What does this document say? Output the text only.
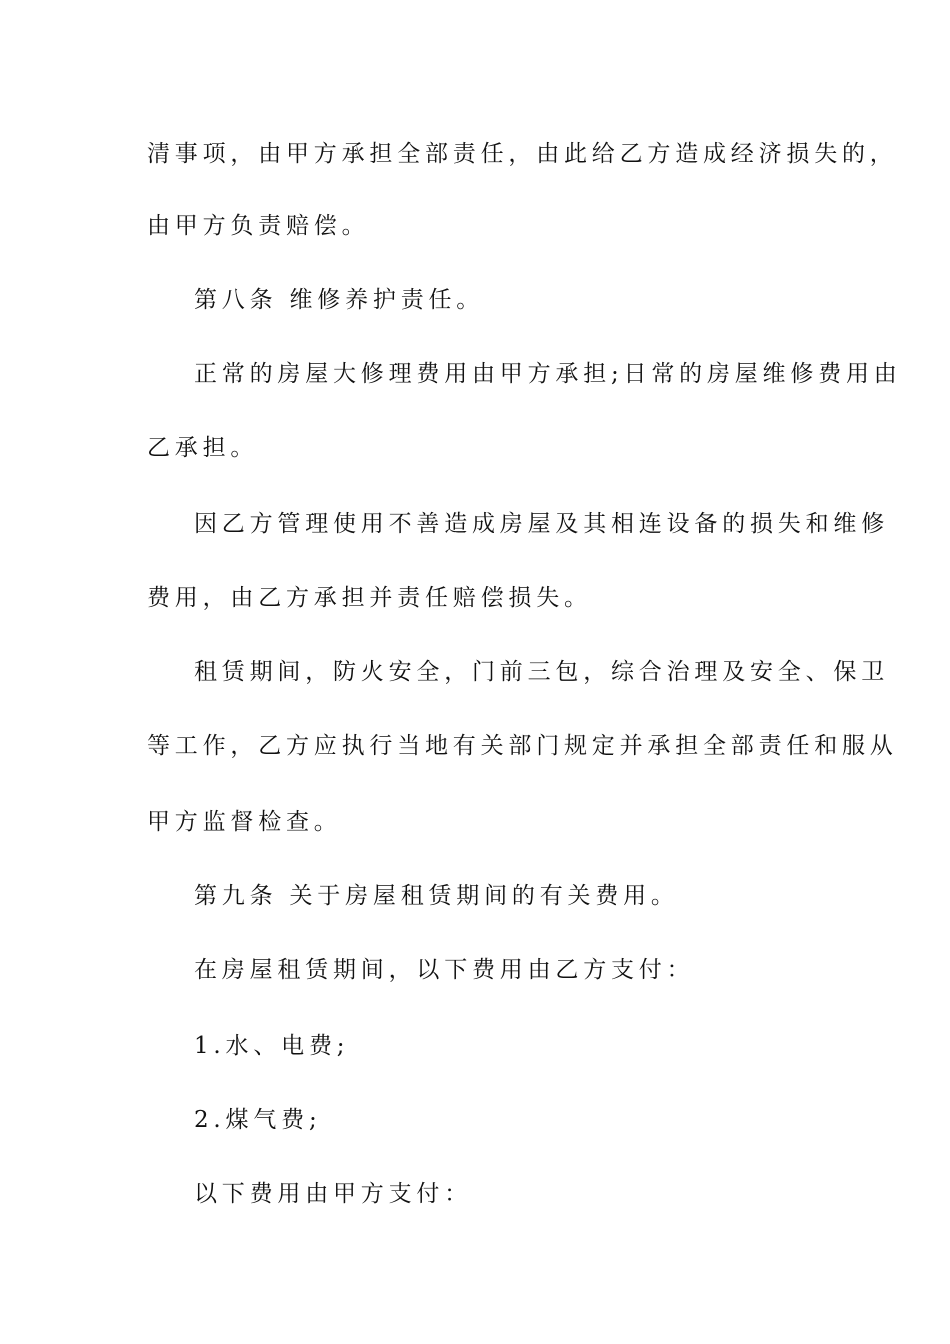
清事项，由甲方承担全部责任，由此给乙方造成经济损失的，
由甲方负责赔偿。
第八条 维修养护责任。
正常的房屋大修理费用由甲方承担;日常的房屋维修费用由
乙承担。
因乙方管理使用不善造成房屋及其相连设备的损失和维修
费用，由乙方承担并责任赔偿损失。
租赁期间，防火安全，门前三包，综合治理及安全、保卫
等工作，乙方应执行当地有关部门规定并承担全部责任和服从
甲方监督检查。
第九条 关于房屋租赁期间的有关费用。
在房屋租赁期间，以下费用由乙方支付：
1.水、电费;
2.煤气费;
以下费用由甲方支付：
